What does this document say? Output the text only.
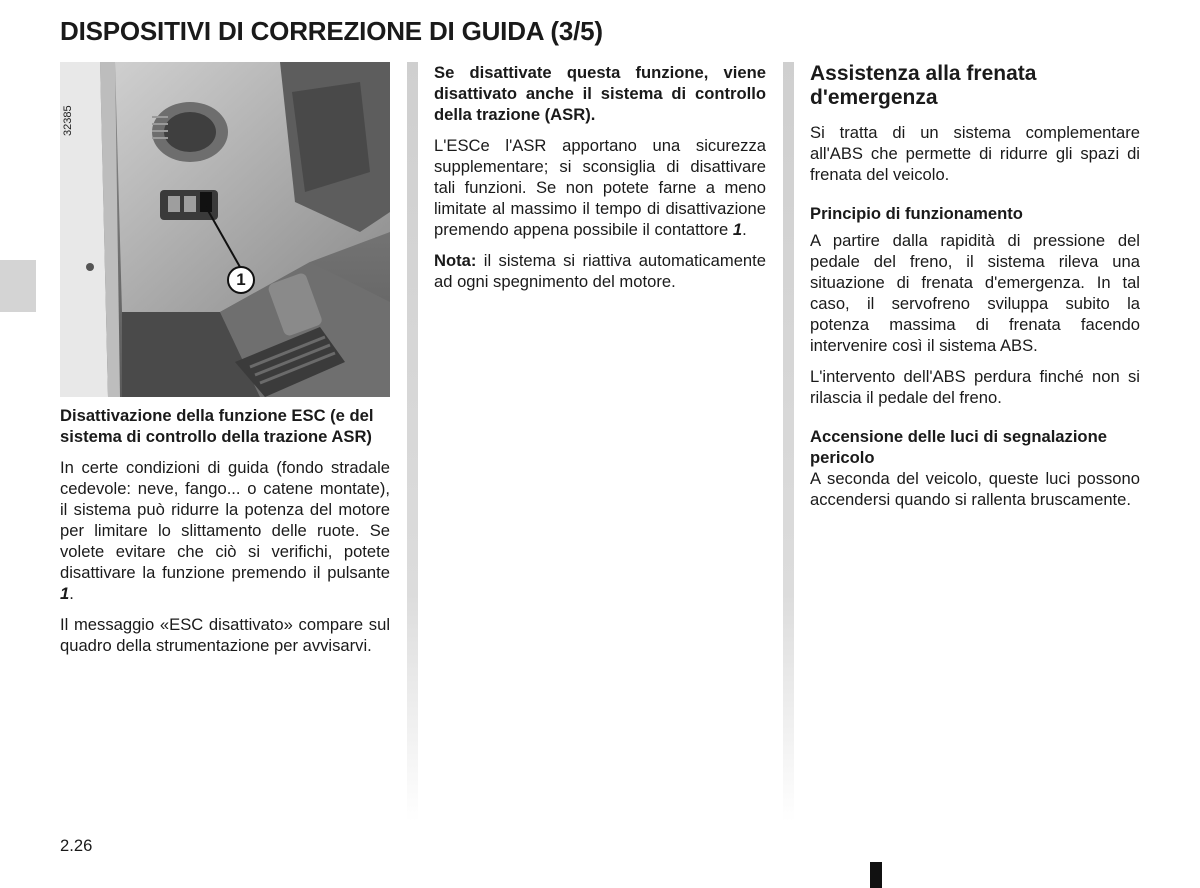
DISPOSITIVI DI CORREZIONE DI GUIDA (3/5)
32385
1

Disattivazione della funzione ESC (e del sistema di controllo della trazione ASR)

In certe condizioni di guida (fondo stradale cedevole: neve, fango... o catene montate), il sistema può ridurre la potenza del motore per limitare lo slittamento delle ruote. Se volete evitare che ciò si verifichi, potete disattivare la funzione premendo il pulsante 1.

Il messaggio «ESC disattivato» compare sul quadro della strumentazione per avvisarvi.

Se disattivate questa funzione, viene disattivato anche il sistema di controllo della trazione (ASR).

L'ESCe l'ASR apportano una sicurezza supplementare; si sconsiglia di disattivare tali funzioni. Se non potete farne a meno limitate al massimo il tempo di disattivazione premendo appena possibile il contattore 1.

Nota: il sistema si riattiva automaticamente ad ogni spegnimento del motore.

Assistenza alla frenata d'emergenza

Si tratta di un sistema complementare all'ABS che permette di ridurre gli spazi di frenata del veicolo.

Principio di funzionamento

A partire dalla rapidità di pressione del pedale del freno, il sistema rileva una situazione di frenata d'emergenza. In tal caso, il servofreno sviluppa subito la potenza massima di frenata facendo intervenire così il sistema ABS.

L'intervento dell'ABS perdura finché non si rilascia il pedale del freno.

Accensione delle luci di segnalazione pericolo

A seconda del veicolo, queste luci possono accendersi quando si rallenta bruscamente.

2.26
